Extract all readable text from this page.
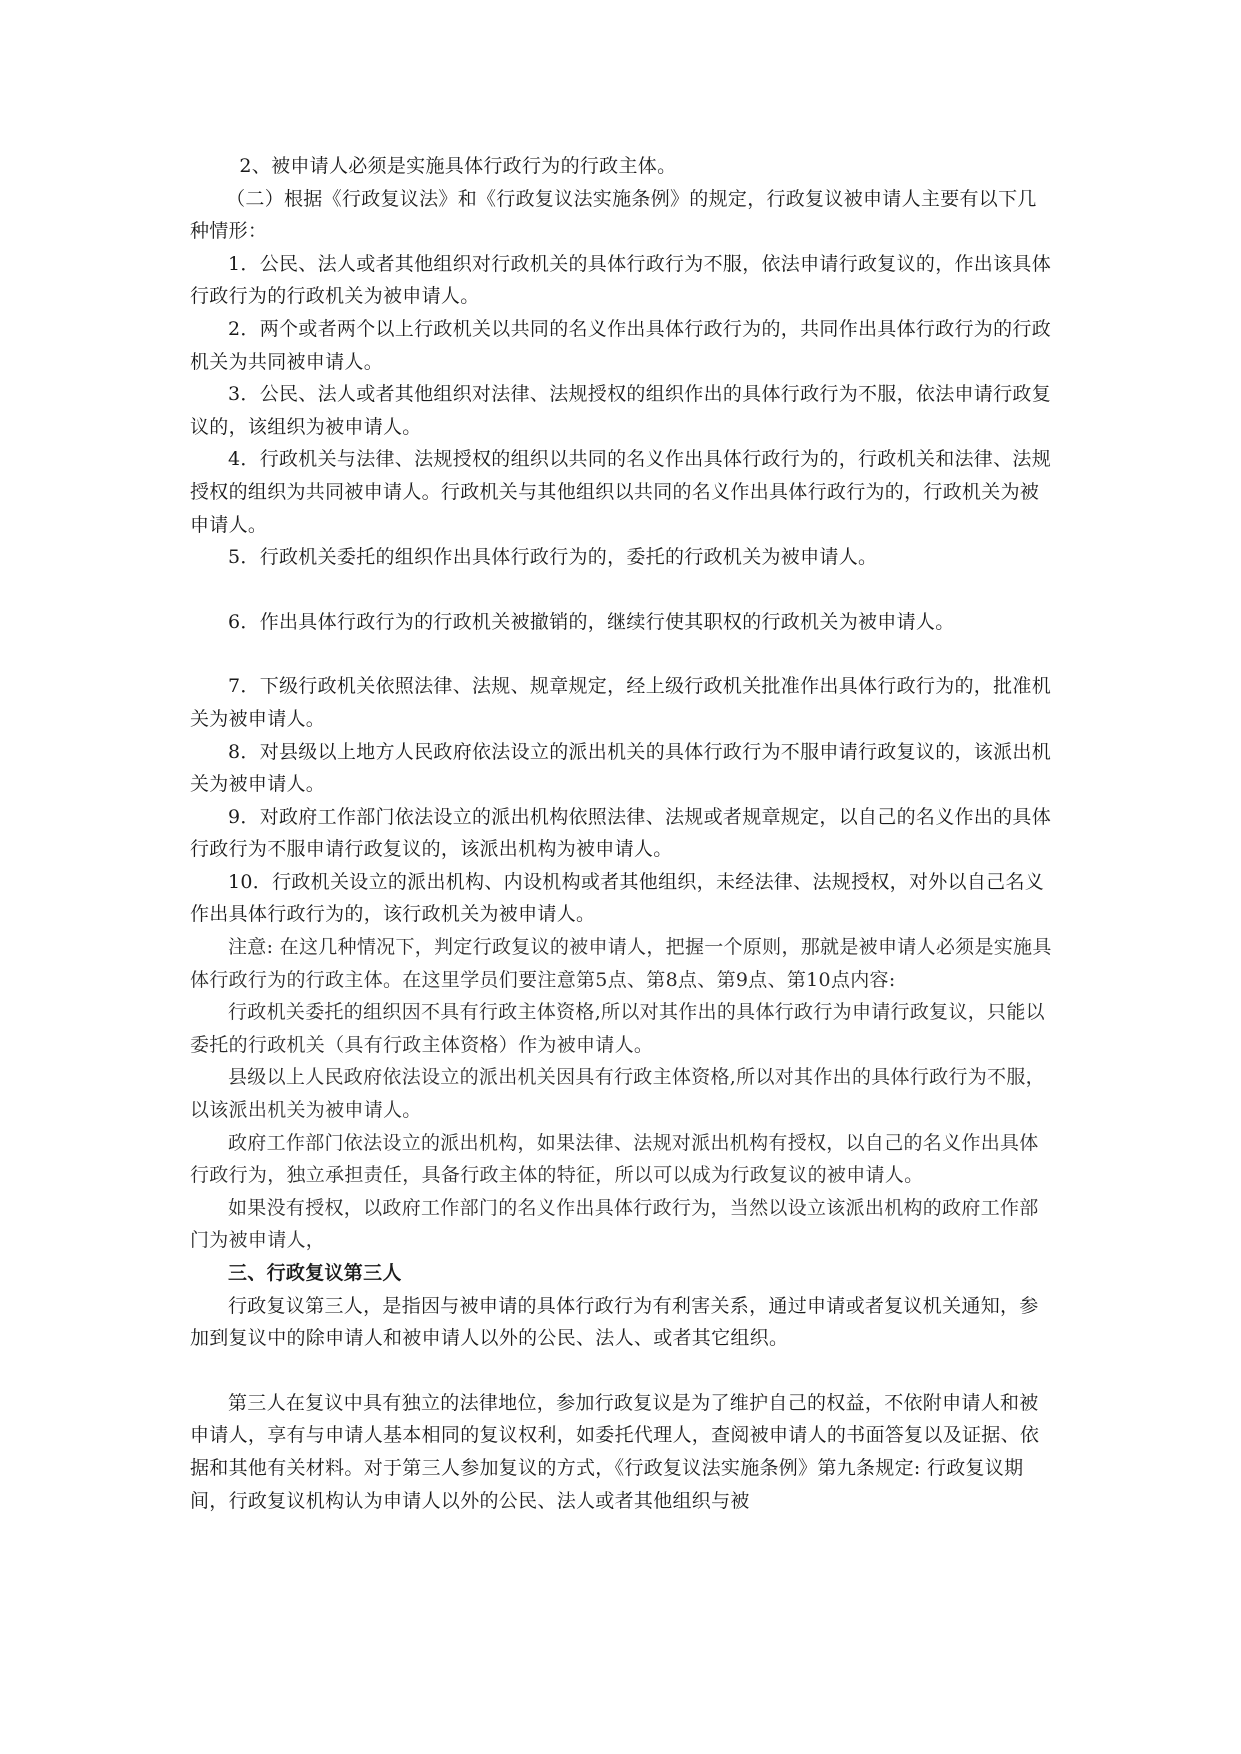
2、被申请人必须是实施具体行政行为的行政主体。

（二）根据《行政复议法》和《行政复议法实施条例》的规定，行政复议被申请人主要有以下几种情形：

1．公民、法人或者其他组织对行政机关的具体行政行为不服，依法申请行政复议的，作出该具体行政行为的行政机关为被申请人。

2．两个或者两个以上行政机关以共同的名义作出具体行政行为的，共同作出具体行政行为的行政机关为共同被申请人。

3．公民、法人或者其他组织对法律、法规授权的组织作出的具体行政行为不服，依法申请行政复议的，该组织为被申请人。

4．行政机关与法律、法规授权的组织以共同的名义作出具体行政行为的，行政机关和法律、法规授权的组织为共同被申请人。行政机关与其他组织以共同的名义作出具体行政行为的，行政机关为被申请人。

5．行政机关委托的组织作出具体行政行为的，委托的行政机关为被申请人。

6．作出具体行政行为的行政机关被撤销的，继续行使其职权的行政机关为被申请人。

7．下级行政机关依照法律、法规、规章规定，经上级行政机关批准作出具体行政行为的，批准机关为被申请人。

8．对县级以上地方人民政府依法设立的派出机关的具体行政行为不服申请行政复议的，该派出机关为被申请人。

9．对政府工作部门依法设立的派出机构依照法律、法规或者规章规定，以自己的名义作出的具体行政行为不服申请行政复议的，该派出机构为被申请人。

10．行政机关设立的派出机构、内设机构或者其他组织，未经法律、法规授权，对外以自己名义作出具体行政行为的，该行政机关为被申请人。

注意: 在这几种情况下，判定行政复议的被申请人，把握一个原则，那就是被申请人必须是实施具体行政行为的行政主体。在这里学员们要注意第5点、第8点、第9点、第10点内容:

行政机关委托的组织因不具有行政主体资格,所以对其作出的具体行政行为申请行政复议，只能以委托的行政机关（具有行政主体资格）作为被申请人。

县级以上人民政府依法设立的派出机关因具有行政主体资格,所以对其作出的具体行政行为不服，以该派出机关为被申请人。

政府工作部门依法设立的派出机构，如果法律、法规对派出机构有授权，以自己的名义作出具体行政行为，独立承担责任，具备行政主体的特征，所以可以成为行政复议的被申请人。

如果没有授权，以政府工作部门的名义作出具体行政行为，当然以设立该派出机构的政府工作部门为被申请人，

三、行政复议第三人

行政复议第三人，是指因与被申请的具体行政行为有利害关系，通过申请或者复议机关通知，参加到复议中的除申请人和被申请人以外的公民、法人、或者其它组织。

第三人在复议中具有独立的法律地位，参加行政复议是为了维护自己的权益，不依附申请人和被申请人，享有与申请人基本相同的复议权利，如委托代理人，查阅被申请人的书面答复以及证据、依据和其他有关材料。对于第三人参加复议的方式，《行政复议法实施条例》第九条规定: 行政复议期间，行政复议机构认为申请人以外的公民、法人或者其他组织与被
